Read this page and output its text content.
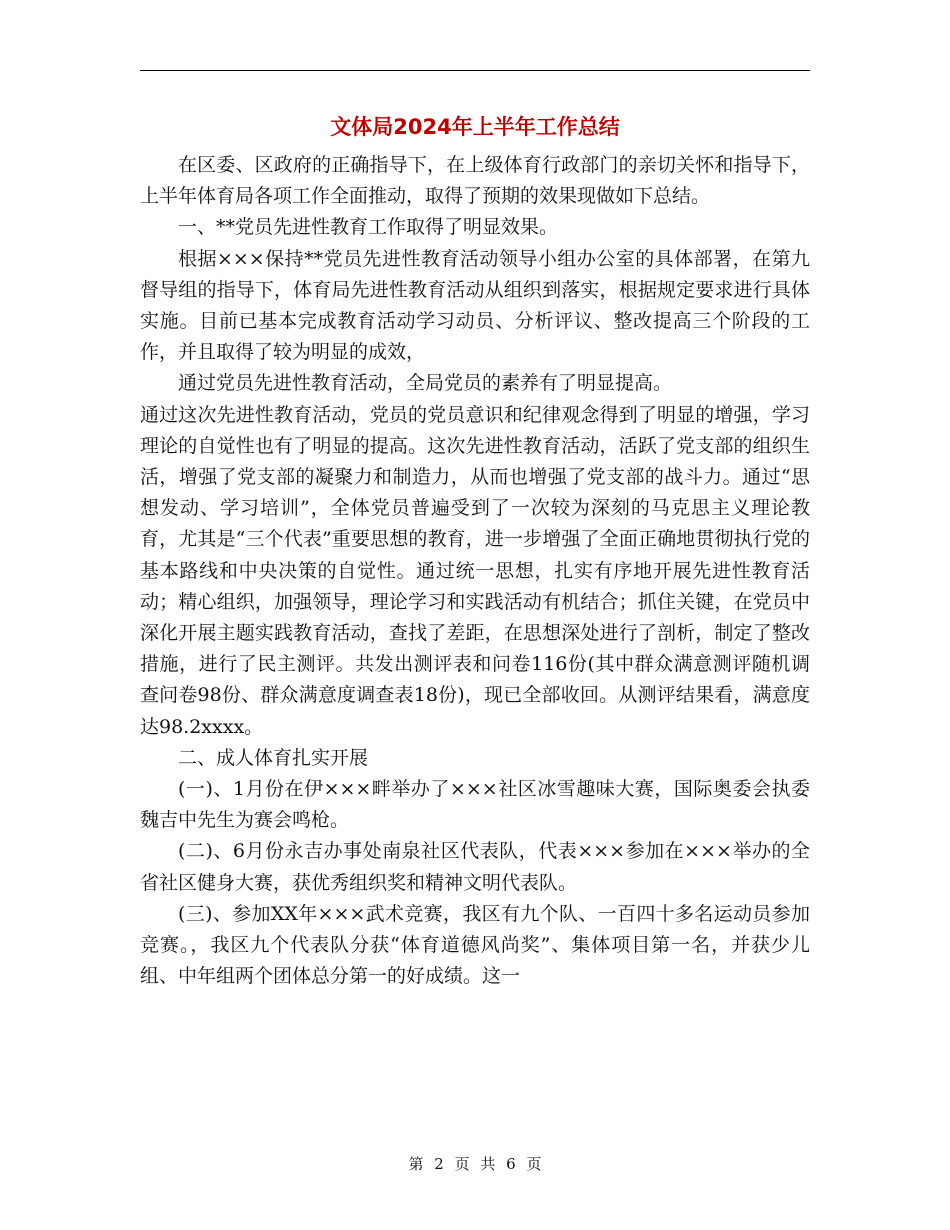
文体局2024年上半年工作总结

在区委、区政府的正确指导下，在上级体育行政部门的亲切关怀和指导下，上半年体育局各项工作全面推动，取得了预期的效果现做如下总结。

一、**党员先进性教育工作取得了明显效果。

根据×××保持**党员先进性教育活动领导小组办公室的具体部署，在第九督导组的指导下，体育局先进性教育活动从组织到落实，根据规定要求进行具体实施。目前已基本完成教育活动学习动员、分析评议、整改提高三个阶段的工作，并且取得了较为明显的成效，

通过党员先进性教育活动，全局党员的素养有了明显提高。

通过这次先进性教育活动，党员的党员意识和纪律观念得到了明显的增强，学习理论的自觉性也有了明显的提高。这次先进性教育活动，活跃了党支部的组织生活，增强了党支部的凝聚力和制造力，从而也增强了党支部的战斗力。通过“思想发动、学习培训”，全体党员普遍受到了一次较为深刻的马克思主义理论教育，尤其是“三个代表”重要思想的教育，进一步增强了全面正确地贯彻执行党的基本路线和中央决策的自觉性。通过统一思想，扎实有序地开展先进性教育活动；精心组织，加强领导，理论学习和实践活动有机结合；抓住关键，在党员中深化开展主题实践教育活动，查找了差距，在思想深处进行了剖析，制定了整改措施，进行了民主测评。共发出测评表和问卷116份(其中群众满意测评随机调查问卷98份、群众满意度调查表18份)，现已全部收回。从测评结果看，满意度达98.2xxxx。

二、成人体育扎实开展

(一)、1月份在伊×××畔举办了×××社区冰雪趣味大赛，国际奥委会执委魏吉中先生为赛会鸣枪。

(二)、6月份永吉办事处南泉社区代表队，代表×××参加在×××举办的全省社区健身大赛，获优秀组织奖和精神文明代表队。

(三)、参加XX年×××武术竞赛，我区有九个队、一百四十多名运动员参加竞赛。，我区九个代表队分获“体育道德风尚奖”、集体项目第一名，并获少儿组、中年组两个团体总分第一的好成绩。这一

第 2 页 共 6 页
